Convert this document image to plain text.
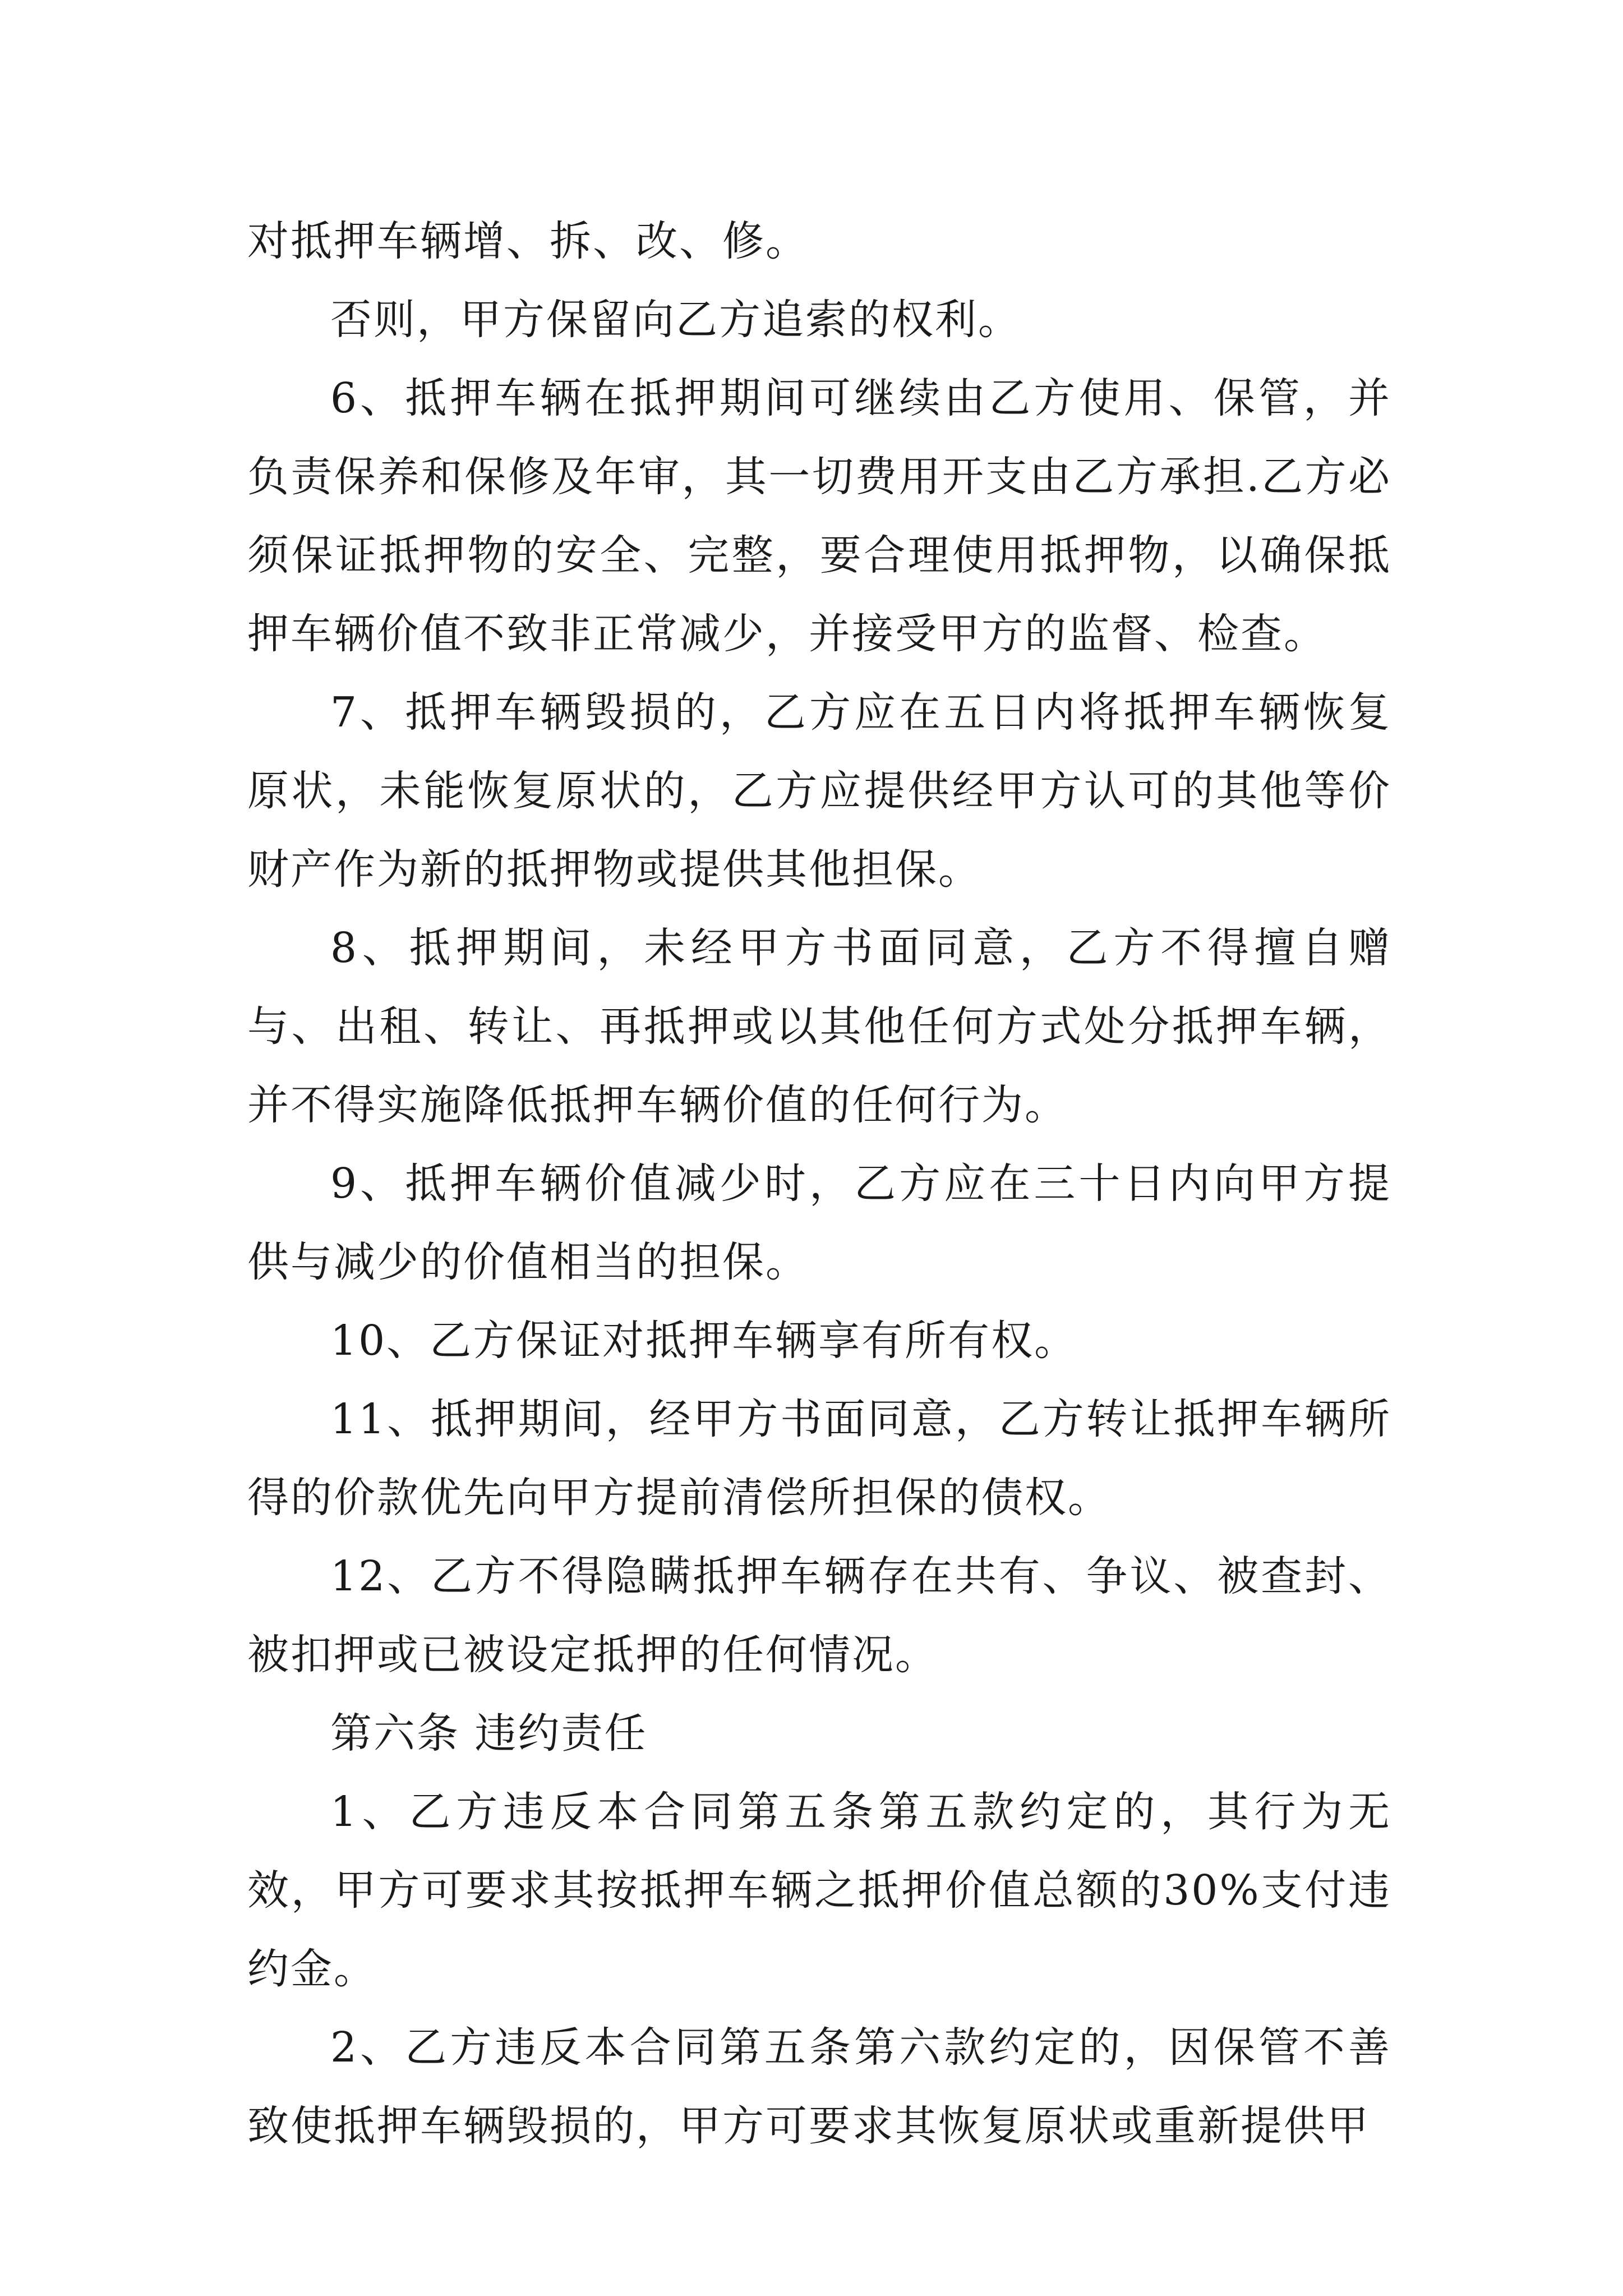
对抵押车辆增、拆、改、修。

否则，甲方保留向乙方追索的权利。

6、抵押车辆在抵押期间可继续由乙方使用、保管，并负责保养和保修及年审，其一切费用开支由乙方承担.乙方必须保证抵押物的安全、完整，要合理使用抵押物，以确保抵押车辆价值不致非正常减少，并接受甲方的监督、检查。

7、抵押车辆毁损的，乙方应在五日内将抵押车辆恢复原状，未能恢复原状的，乙方应提供经甲方认可的其他等价财产作为新的抵押物或提供其他担保。

8、抵押期间，未经甲方书面同意，乙方不得擅自赠与、出租、转让、再抵押或以其他任何方式处分抵押车辆，并不得实施降低抵押车辆价值的任何行为。

9、抵押车辆价值减少时，乙方应在三十日内向甲方提供与减少的价值相当的担保。

10、乙方保证对抵押车辆享有所有权。

11、抵押期间，经甲方书面同意，乙方转让抵押车辆所得的价款优先向甲方提前清偿所担保的债权。

12、乙方不得隐瞒抵押车辆存在共有、争议、被查封、被扣押或已被设定抵押的任何情况。

第六条 违约责任

1、乙方违反本合同第五条第五款约定的，其行为无效，甲方可要求其按抵押车辆之抵押价值总额的30%支付违约金。

2、乙方违反本合同第五条第六款约定的，因保管不善致使抵押车辆毁损的，甲方可要求其恢复原状或重新提供甲
